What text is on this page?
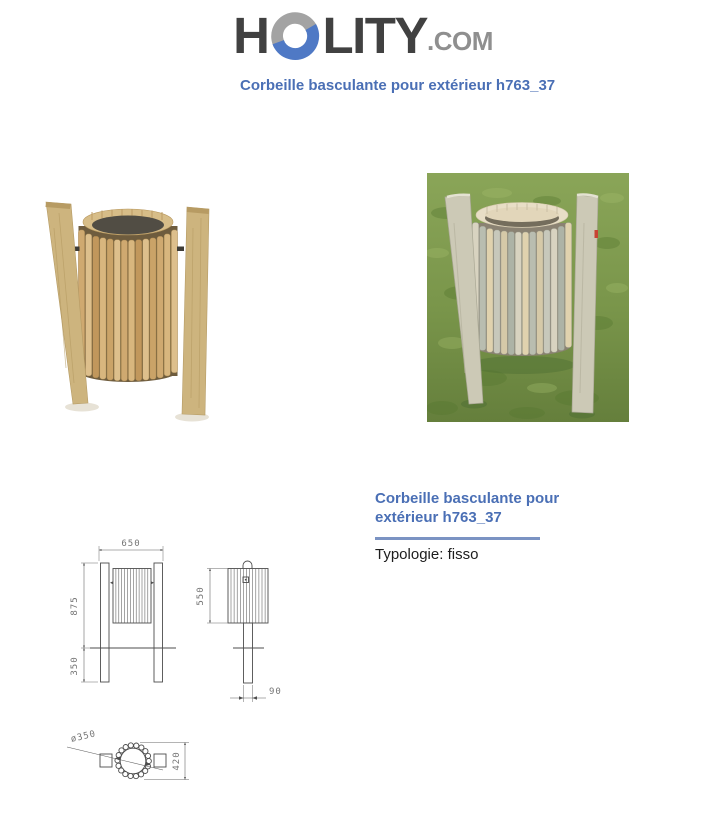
H LITY .COM
Corbeille basculante pour extérieur h763_37
650
875
350
550
90
ø350
420
Corbeille basculante pour extérieur h763_37

Typologie: fisso
